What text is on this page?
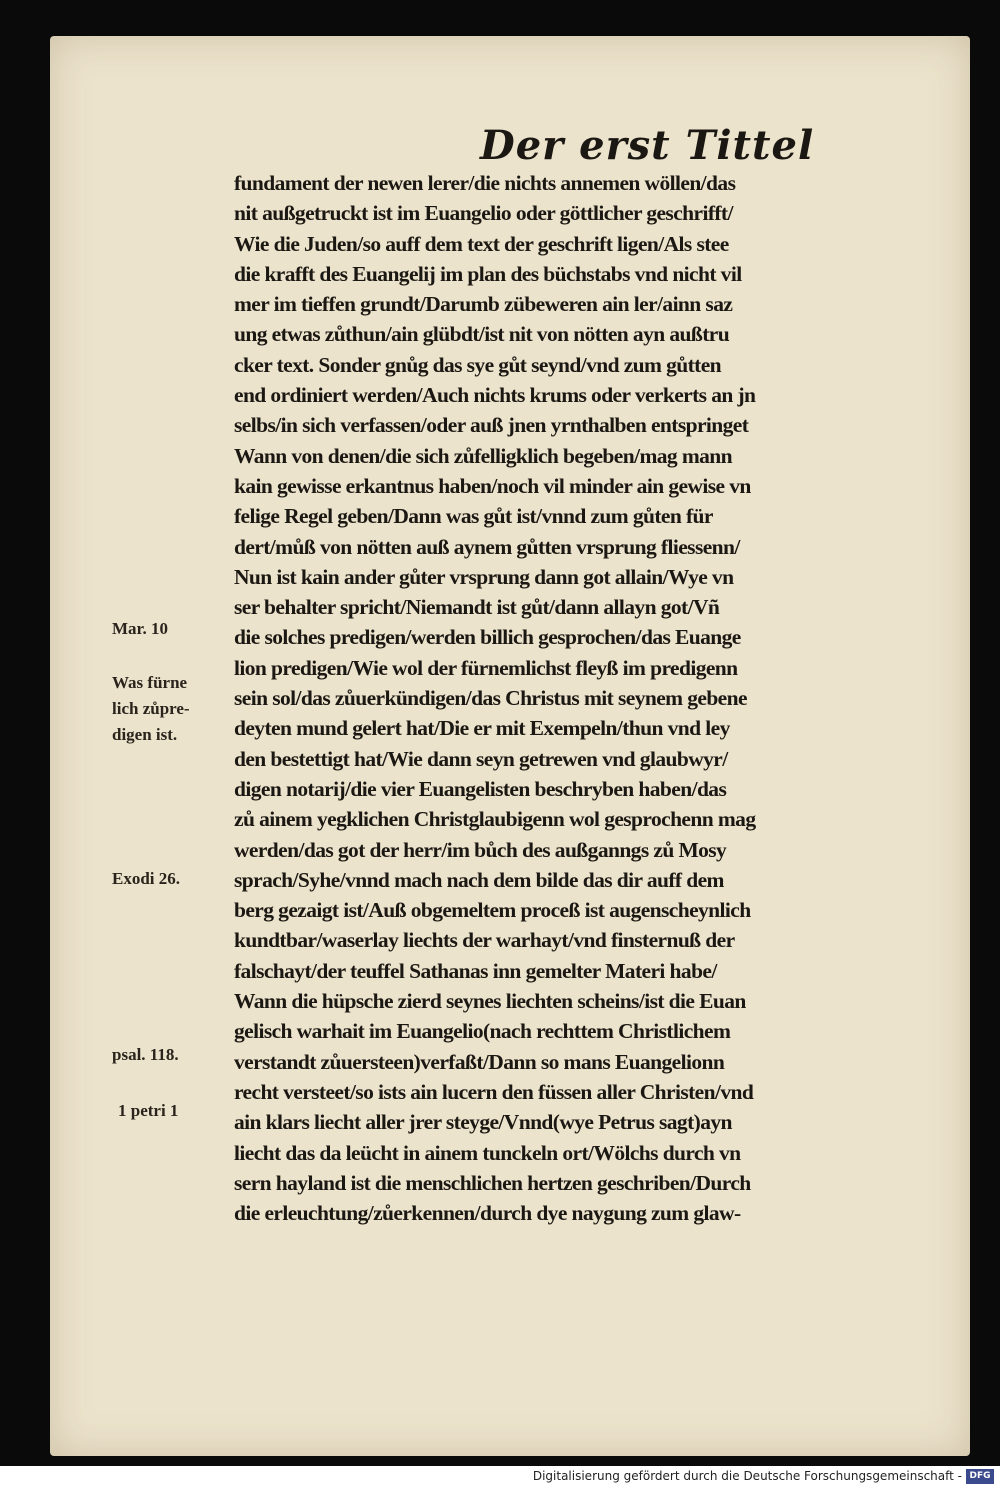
Der erst Tittel
fundament der newen lerer/die nichts annemen wöllen/das
nit außgetruckt ist im Euangelio oder göttlicher geschrifft/
Wie die Juden/so auff dem text der geschrift ligen/Als stee
die krafft des Euangelij im plan des büchstabs vnd nicht vil
mer im tieffen grundt/Darumb zübeweren ain ler/ainn saz
ung etwas zůthun/ain glübdt/ist nit von nötten ayn außtru
cker text. Sonder gnůg das sye gůt seynd/vnd zum gůtten
end ordiniert werden/Auch nichts krums oder verkerts an jn
selbs/in sich verfassen/oder auß jnen yrnthalben entspringet
Wann von denen/die sich zůfelligklich begeben/mag mann
kain gewisse erkantnus haben/noch vil minder ain gewise vn
felige Regel geben/Dann was gůt ist/vnnd zum gůten für
dert/můß von nötten auß aynem gůtten vrsprung fliessenn/
Nun ist kain ander gůter vrsprung dann got allain/Wye vn
ser behalter spricht/Niemandt ist gůt/dann allayn got/Vñ
die solches predigen/werden billich gesprochen/das Euange
lion predigen/Wie wol der fürnemlichst fleyß im predigenn
sein sol/das zůuerkündigen/das Christus mit seynem gebene
deyten mund gelert hat/Die er mit Exempeln/thun vnd ley
den bestettigt hat/Wie dann seyn getrewen vnd glaubwyr/
digen notarij/die vier Euangelisten beschryben haben/das
zů ainem yegklichen Christglaubigenn wol gesprochenn mag
werden/das got der herr/im bůch des außganngs zů Mosy
sprach/Syhe/vnnd mach nach dem bilde das dir auff dem
berg gezaigt ist/Auß obgemeltem proceß ist augenscheynlich
kundtbar/waserlay liechts der warhayt/vnd finsternuß der
falschayt/der teuffel Sathanas inn gemelter Materi habe/
Wann die hüpsche zierd seynes liechten scheins/ist die Euan
gelisch warhait im Euangelio(nach rechttem Christlichem
verstandt zůuersteen)verfaßt/Dann so mans Euangelionn
recht versteet/so ists ain lucern den füssen aller Christen/vnd
ain klars liecht aller jrer steyge/Vnnd(wye Petrus sagt)ayn
liecht das da leücht in ainem tunckeln ort/Wölchs durch vn
sern hayland ist die menschlichen hertzen geschriben/Durch
die erleuchtung/zůerkennen/durch dye naygung zum glaw-
Mar. 10
Was fürne
lich zůpre-
digen ist.
Exodi 26.
psal. 118.
1 petri 1
Digitalisierung gefördert durch die Deutsche Forschungsgemeinschaft - DFG
